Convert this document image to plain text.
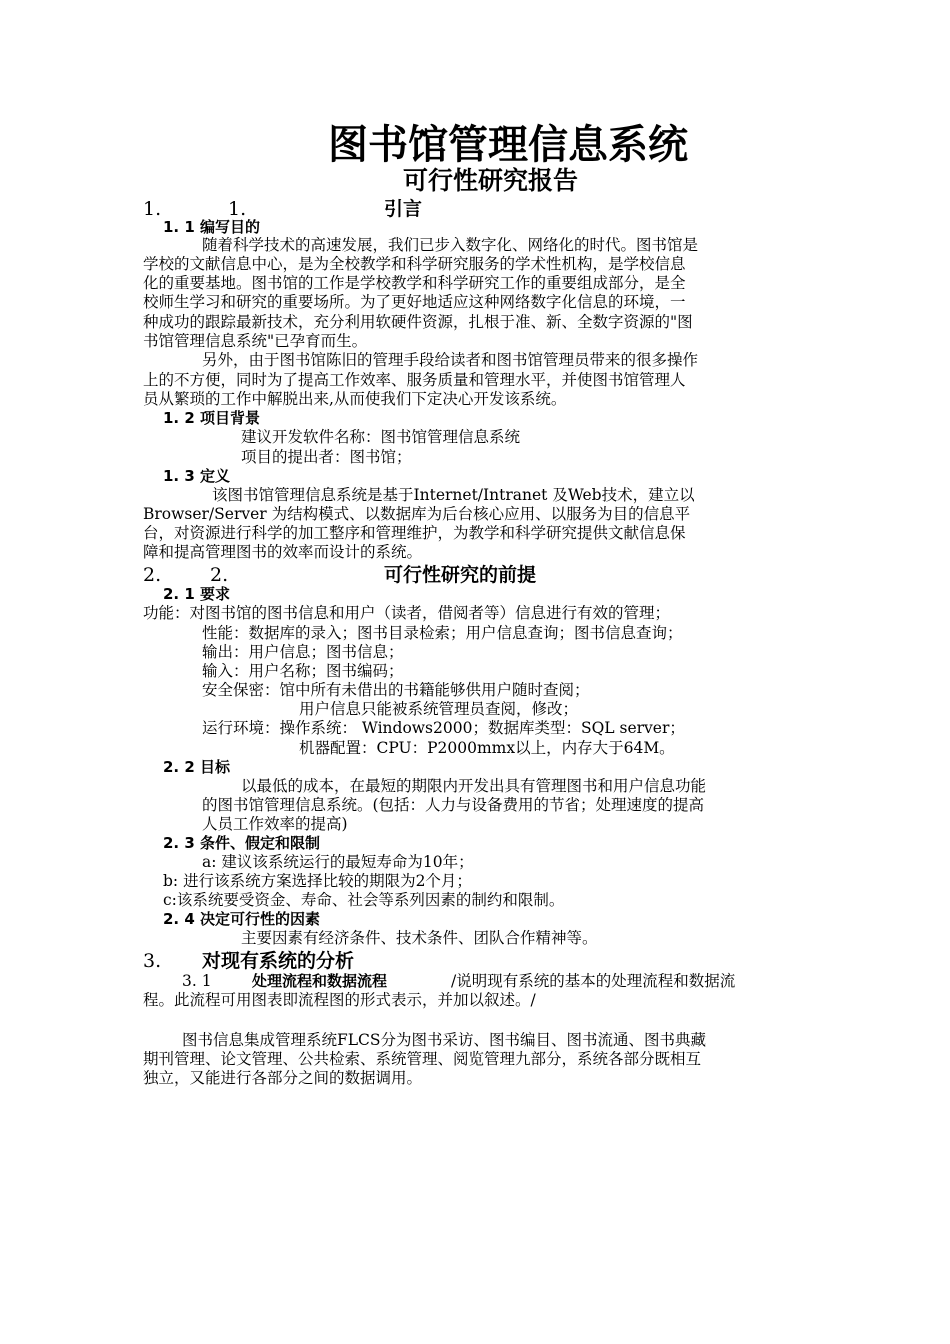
图书馆管理信息系统
可行性研究报告
1.	1.	引言
1. 1 编写目的
随着科学技术的高速发展，我们已步入数字化、网络化的时代。图书馆是
学校的文献信息中心，是为全校教学和科学研究服务的学术性机构，是学校信息
化的重要基地。图书馆的工作是学校教学和科学研究工作的重要组成部分，是全
校师生学习和研究的重要场所。为了更好地适应这种网络数字化信息的环境，一
种成功的跟踪最新技术，充分利用软硬件资源，扎根于准、新、全数字资源的"图
书馆管理信息系统"已孕育而生。
另外，由于图书馆陈旧的管理手段给读者和图书馆管理员带来的很多操作
上的不方便，同时为了提高工作效率、服务质量和管理水平，并使图书馆管理人
员从繁琐的工作中解脱出来,从而使我们下定决心开发该系统。
1. 2 项目背景
建议开发软件名称：图书馆管理信息系统
项目的提出者：图书馆；
1. 3 定义
该图书馆管理信息系统是基于Internet/Intranet 及Web技术，建立以
Browser/Server 为结构模式、以数据库为后台核心应用、以服务为目的信息平
台，对资源进行科学的加工整序和管理维护，为教学和科学研究提供文献信息保
障和提高管理图书的效率而设计的系统。
2.	2.	可行性研究的前提
2. 1 要求
功能：对图书馆的图书信息和用户（读者，借阅者等）信息进行有效的管理；
性能：数据库的录入；图书目录检索；用户信息查询；图书信息查询；
输出：用户信息；图书信息；
输入：用户名称；图书编码；
安全保密：馆中所有未借出的书籍能够供用户随时查阅；
用户信息只能被系统管理员查阅，修改；
运行环境：操作系统： Windows2000；数据库类型：SQL server；
机器配置：CPU：P2000mmx以上，内存大于64M。
2. 2 目标
以最低的成本，在最短的期限内开发出具有管理图书和用户信息功能
的图书馆管理信息系统。(包括：人力与设备费用的节省；处理速度的提高
人员工作效率的提高)
2. 3 条件、假定和限制
a: 建议该系统运行的最短寿命为10年；
b: 进行该系统方案选择比较的期限为2个月；
c:该系统要受资金、寿命、社会等系列因素的制约和限制。
2. 4 决定可行性的因素
主要因素有经济条件、技术条件、团队合作精神等。
3. 对现有系统的分析
3. 1	处理流程和数据流程	/说明现有系统的基本的处理流程和数据流
程。此流程可用图表即流程图的形式表示，并加以叙述。/
图书信息集成管理系统FLCS分为图书采访、图书编目、图书流通、图书典藏
期刊管理、论文管理、公共检索、系统管理、阅览管理九部分，系统各部分既相互
独立，又能进行各部分之间的数据调用。
